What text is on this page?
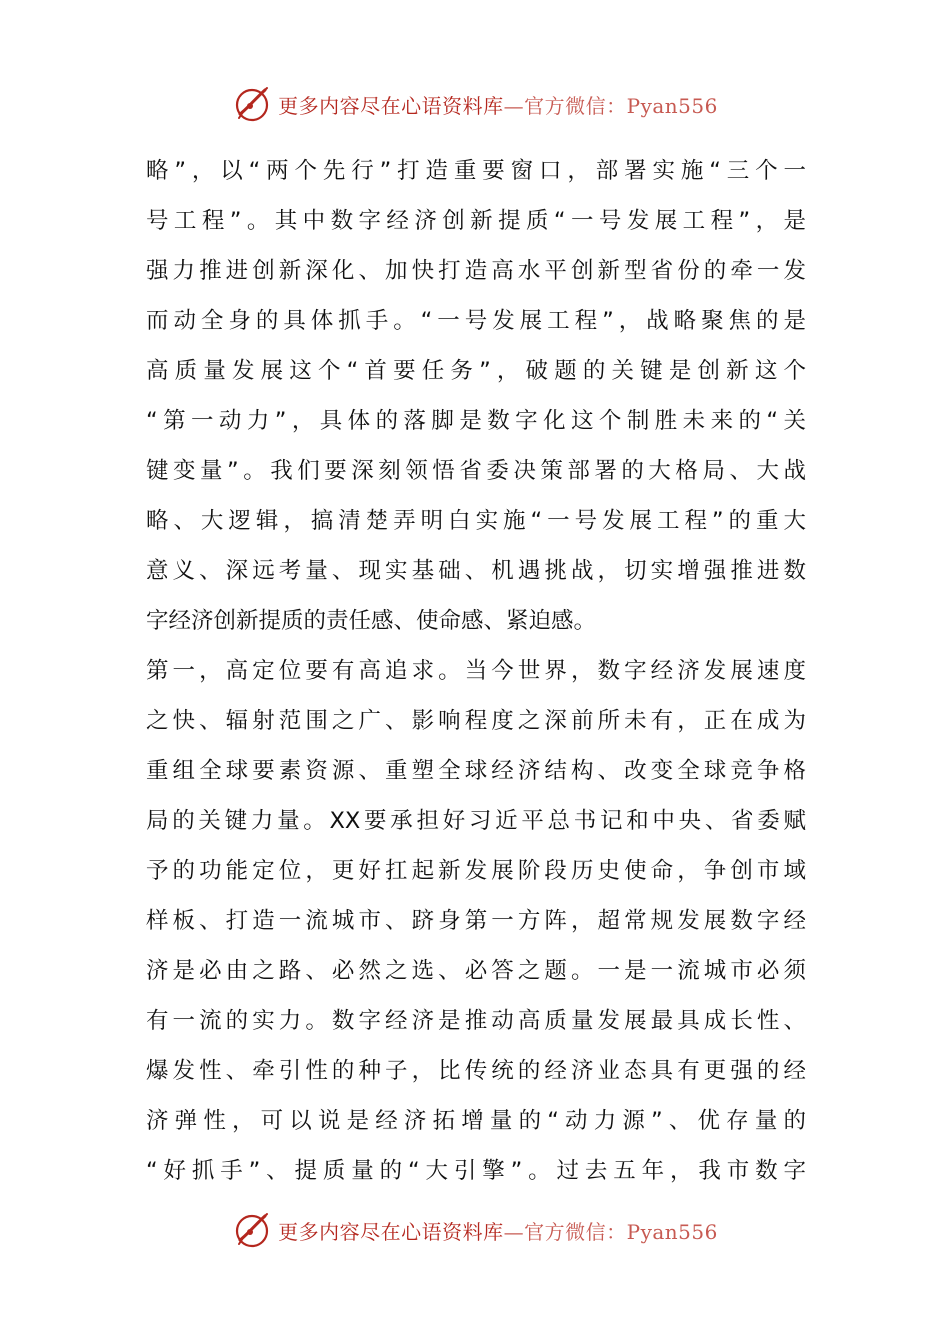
更多内容尽在心语资料库—官方微信：Pyan556
略”，以“两个先行”打造重要窗口，部署实施“三个一
号工程”。其中数字经济创新提质“一号发展工程”，是
强力推进创新深化、加快打造高水平创新型省份的牵一发
而动全身的具体抓手。“一号发展工程”，战略聚焦的是
高质量发展这个“首要任务”，破题的关键是创新这个
“第一动力”，具体的落脚是数字化这个制胜未来的“关
键变量”。我们要深刻领悟省委决策部署的大格局、大战
略、大逻辑，搞清楚弄明白实施“一号发展工程”的重大
意义、深远考量、现实基础、机遇挑战，切实增强推进数
字经济创新提质的责任感、使命感、紧迫感。
第一，高定位要有高追求。当今世界，数字经济发展速度
之快、辐射范围之广、影响程度之深前所未有，正在成为
重组全球要素资源、重塑全球经济结构、改变全球竞争格
局的关键力量。XX要承担好习近平总书记和中央、省委赋
予的功能定位，更好扛起新发展阶段历史使命，争创市域
样板、打造一流城市、跻身第一方阵，超常规发展数字经
济是必由之路、必然之选、必答之题。一是一流城市必须
有一流的实力。数字经济是推动高质量发展最具成长性、
爆发性、牵引性的种子，比传统的经济业态具有更强的经
济弹性，可以说是经济拓增量的“动力源”、优存量的
“好抓手”、提质量的“大引擎”。过去五年，我市数字
更多内容尽在心语资料库—官方微信：Pyan556
